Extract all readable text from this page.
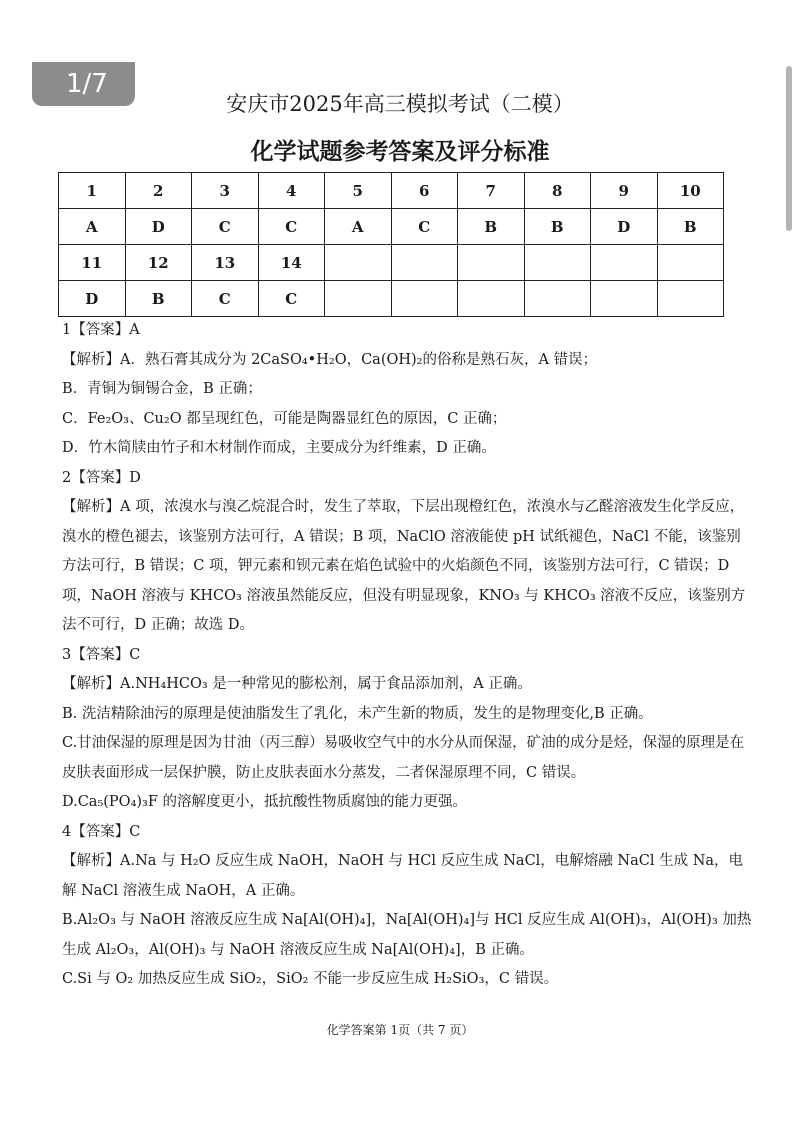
1/7
安庆市2025年高三模拟考试（二模）
化学试题参考答案及评分标准
1	2	3	4	5	6	7	8	9	10
A	D	C	C	A	C	B	B	D	B
11	12	13	14						
D	B	C	C						

1【答案】A

【解析】A．熟石膏其成分为 2CaSO₄•H₂O，Ca(OH)₂的俗称是熟石灰，A 错误；

B．青铜为铜锡合金，B 正确；

C．Fe₂O₃、Cu₂O 都呈现红色，可能是陶器显红色的原因，C 正确；

D．竹木简牍由竹子和木材制作而成，主要成分为纤维素，D 正确。

2【答案】D

【解析】A 项，浓溴水与溴乙烷混合时，发生了萃取，下层出现橙红色，浓溴水与乙醛溶液发生化学反应，溴水的橙色褪去，该鉴别方法可行，A 错误；B 项，NaClO 溶液能使 pH 试纸褪色，NaCl 不能，该鉴别方法可行，B 错误；C 项，钾元素和钡元素在焰色试验中的火焰颜色不同，该鉴别方法可行，C 错误；D 项，NaOH 溶液与 KHCO₃ 溶液虽然能反应，但没有明显现象，KNO₃ 与 KHCO₃ 溶液不反应，该鉴别方法不可行，D 正确；故选 D。

3【答案】C

【解析】A.NH₄HCO₃ 是一种常见的膨松剂，属于食品添加剂，A 正确。

B. 洗洁精除油污的原理是使油脂发生了乳化，未产生新的物质，发生的是物理变化,B 正确。

C.甘油保湿的原理是因为甘油（丙三醇）易吸收空气中的水分从而保湿，矿油的成分是烃，保湿的原理是在皮肤表面形成一层保护膜，防止皮肤表面水分蒸发，二者保湿原理不同，C 错误。

D.Ca₅(PO₄)₃F 的溶解度更小，抵抗酸性物质腐蚀的能力更强。

4【答案】C

【解析】A.Na 与 H₂O 反应生成 NaOH，NaOH 与 HCl 反应生成 NaCl，电解熔融 NaCl 生成 Na，电解 NaCl 溶液生成 NaOH，A 正确。

B.Al₂O₃ 与 NaOH 溶液反应生成 Na[Al(OH)₄]，Na[Al(OH)₄]与 HCl 反应生成 Al(OH)₃，Al(OH)₃ 加热生成 Al₂O₃，Al(OH)₃ 与 NaOH 溶液反应生成 Na[Al(OH)₄]，B 正确。

C.Si 与 O₂ 加热反应生成 SiO₂，SiO₂ 不能一步反应生成 H₂SiO₃，C 错误。

化学答案第 1页（共 7 页）
